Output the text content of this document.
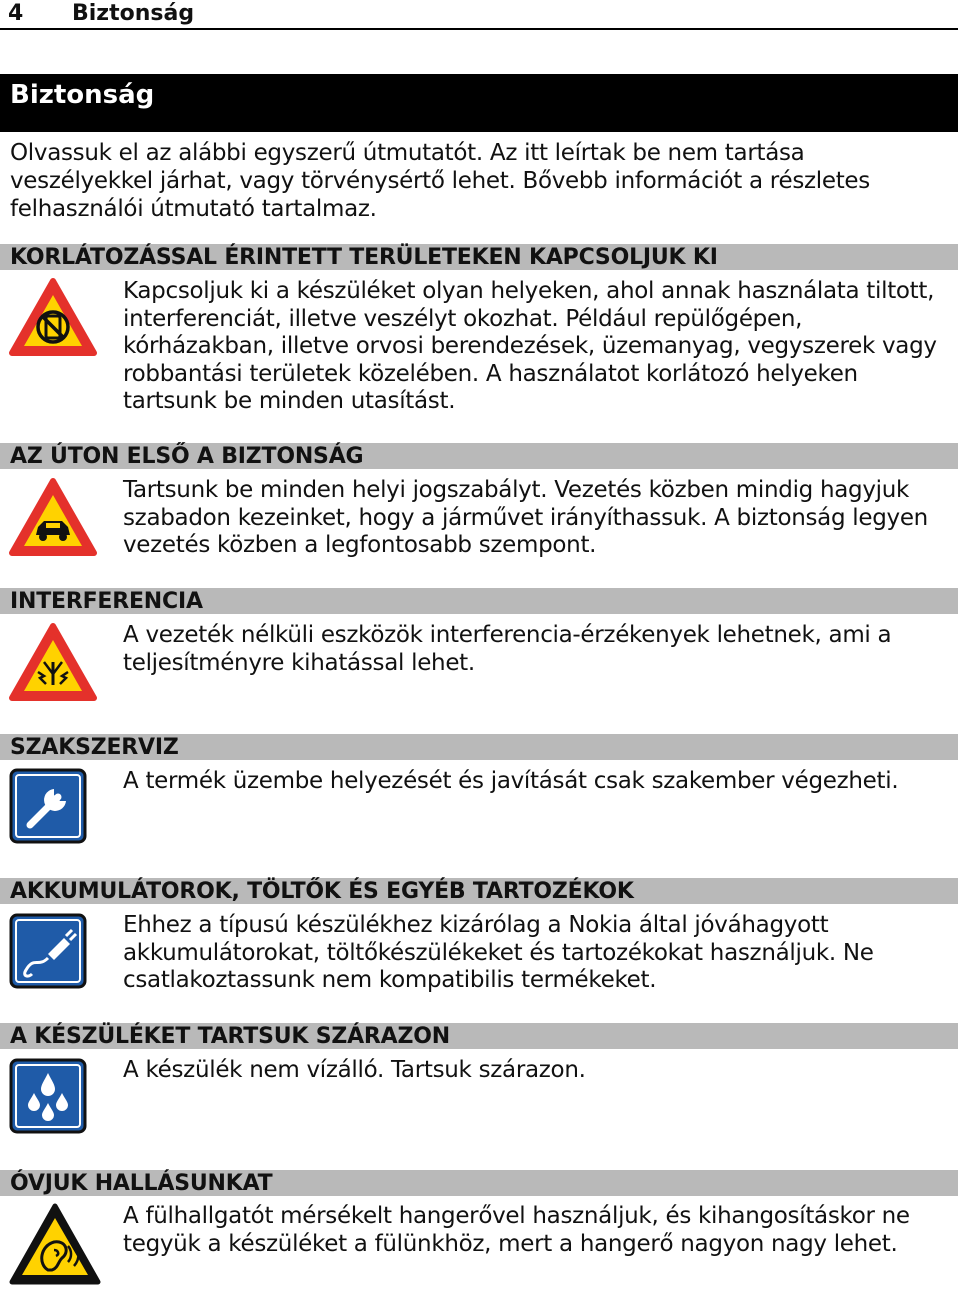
4 Biztonság
Biztonság
Olvassuk el az alábbi egyszerű útmutatót. Az itt leírtak be nem tartása veszélyekkel járhat, vagy törvénysértő lehet. Bővebb információt a részletes felhasználói útmutató tartalmaz.
KORLÁTOZÁSSAL ÉRINTETT TERÜLETEKEN KAPCSOLJUK KI
Kapcsoljuk ki a készüléket olyan helyeken, ahol annak használata tiltott, interferenciát, illetve veszélyt okozhat. Például repülőgépen, kórházakban, illetve orvosi berendezések, üzemanyag, vegyszerek vagy robbantási területek közelében. A használatot korlátozó helyeken tartsunk be minden utasítást.
AZ ÚTON ELSŐ A BIZTONSÁG
Tartsunk be minden helyi jogszabályt. Vezetés közben mindig hagyjuk szabadon kezeinket, hogy a járművet irányíthassuk. A biztonság legyen vezetés közben a legfontosabb szempont.
INTERFERENCIA
A vezeték nélküli eszközök interferencia-érzékenyek lehetnek, ami a teljesítményre kihatással lehet.
SZAKSZERVIZ
A termék üzembe helyezését és javítását csak szakember végezheti.
AKKUMULÁTOROK, TÖLTŐK ÉS EGYÉB TARTOZÉKOK
Ehhez a típusú készülékhez kizárólag a Nokia által jóváhagyott akkumulátorokat, töltőkészülékeket és tartozékokat használjuk. Ne csatlakoztassunk nem kompatibilis termékeket.
A KÉSZÜLÉKET TARTSUK SZÁRAZON
A készülék nem vízálló. Tartsuk szárazon.
ÓVJUK HALLÁSUNKAT
A fülhallgatót mérsékelt hangerővel használjuk, és kihangosításkor ne tegyük a készüléket a fülünkhöz, mert a hangerő nagyon nagy lehet.
